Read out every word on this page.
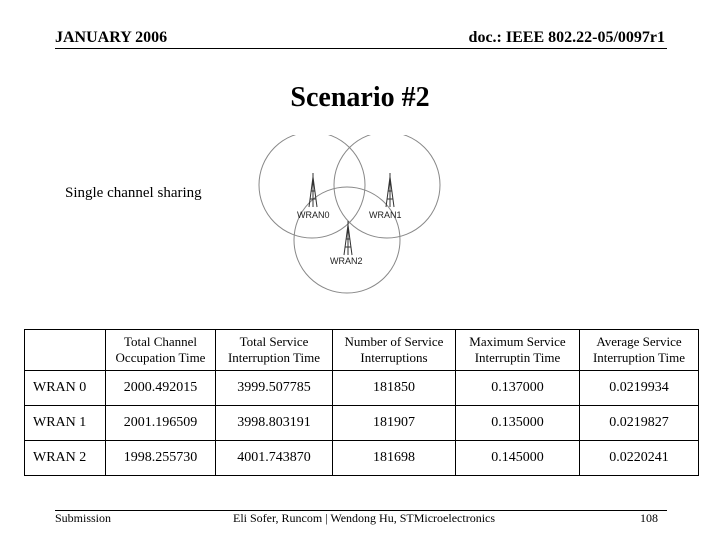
JANUARY 2006	doc.: IEEE 802.22-05/0097r1
Scenario #2
Single channel sharing
WRAN0	WRAN1
WRAN2
	Total Channel Occupation Time	Total Service Interruption Time	Number of Service Interruptions	Maximum Service Interruptin Time	Average Service Interruption Time
WRAN 0	2000.492015	3999.507785	181850	0.137000	0.0219934
WRAN 1	2001.196509	3998.803191	181907	0.135000	0.0219827
WRAN 2	1998.255730	4001.743870	181698	0.145000	0.0220241
Submission	Eli Sofer, Runcom | Wendong Hu, STMicroelectronics	108
